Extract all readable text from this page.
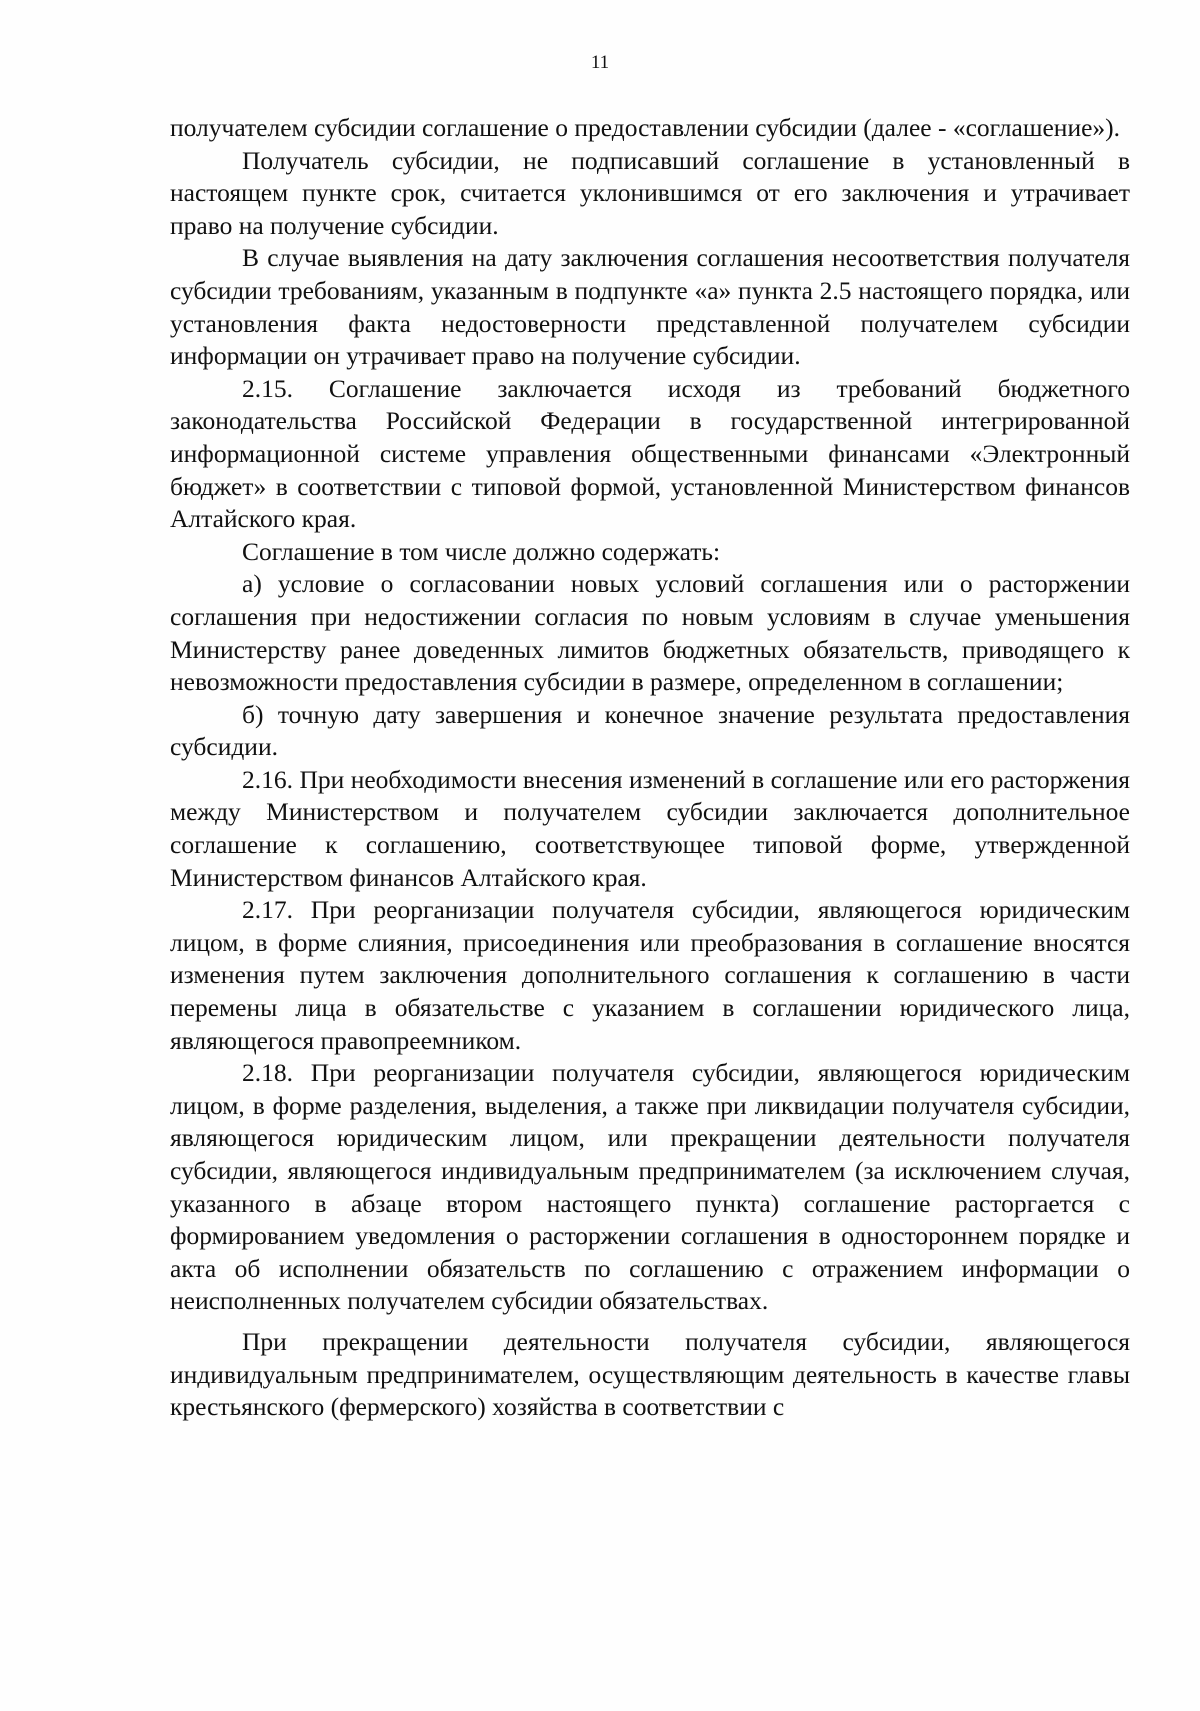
11

получателем субсидии соглашение о предоставлении субсидии (далее - «соглашение»).

Получатель субсидии, не подписавший соглашение в установленный в настоящем пункте срок, считается уклонившимся от его заключения и утрачивает право на получение субсидии.

В случае выявления на дату заключения соглашения несоответствия получателя субсидии требованиям, указанным в подпункте «а» пункта 2.5 настоящего порядка, или установления факта недостоверности представленной получателем субсидии информации он утрачивает право на получение субсидии.

2.15. Соглашение заключается исходя из требований бюджетного законодательства Российской Федерации в государственной интегрированной информационной системе управления общественными финансами «Электронный бюджет» в соответствии с типовой формой, установленной Министерством финансов Алтайского края.

Соглашение в том числе должно содержать:

а) условие о согласовании новых условий соглашения или о расторжении соглашения при недостижении согласия по новым условиям в случае уменьшения Министерству ранее доведенных лимитов бюджетных обязательств, приводящего к невозможности предоставления субсидии в размере, определенном в соглашении;

б) точную дату завершения и конечное значение результата предоставления субсидии.

2.16. При необходимости внесения изменений в соглашение или его расторжения между Министерством и получателем субсидии заключается дополнительное соглашение к соглашению, соответствующее типовой форме, утвержденной Министерством финансов Алтайского края.

2.17. При реорганизации получателя субсидии, являющегося юридическим лицом, в форме слияния, присоединения или преобразования в соглашение вносятся изменения путем заключения дополнительного соглашения к соглашению в части перемены лица в обязательстве с указанием в соглашении юридического лица, являющегося правопреемником.

2.18. При реорганизации получателя субсидии, являющегося юридическим лицом, в форме разделения, выделения, а также при ликвидации получателя субсидии, являющегося юридическим лицом, или прекращении деятельности получателя субсидии, являющегося индивидуальным предпринимателем (за исключением случая, указанного в абзаце втором настоящего пункта) соглашение расторгается с формированием уведомления о расторжении соглашения в одностороннем порядке и акта об исполнении обязательств по соглашению с отражением информации о неисполненных получателем субсидии обязательствах.

При прекращении деятельности получателя субсидии, являющегося индивидуальным предпринимателем, осуществляющим деятельность в качестве главы крестьянского (фермерского) хозяйства в соответствии с
